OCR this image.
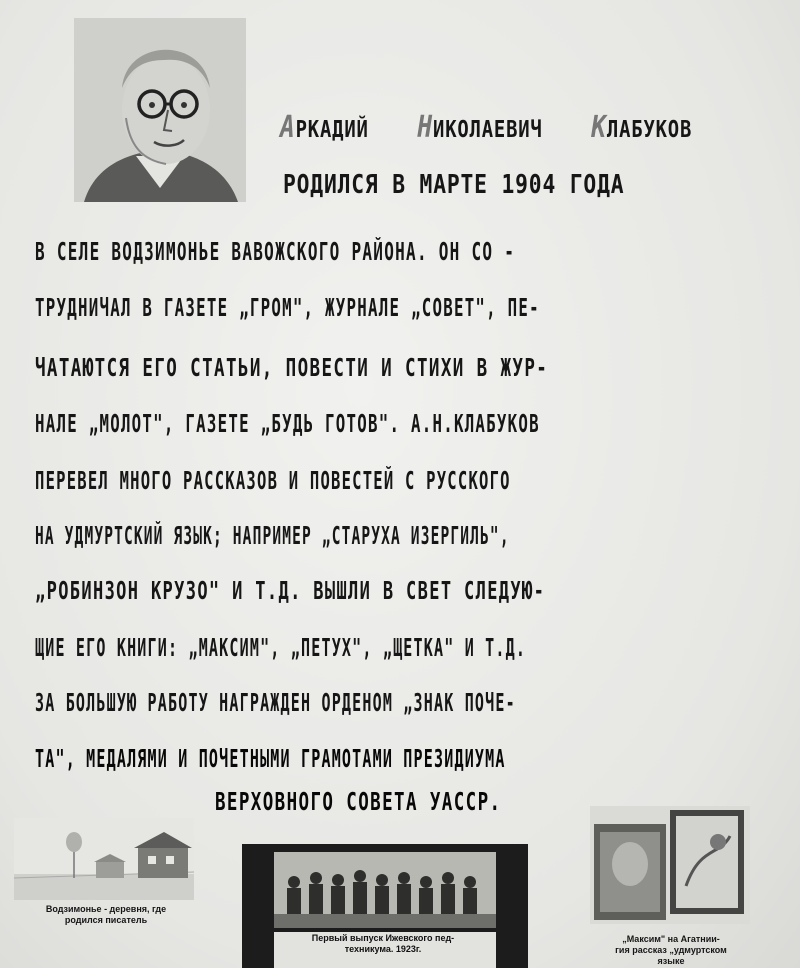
АРКАДИЙ НИКОЛАЕВИЧ КЛАБУКОВ
РОДИЛСЯ В МАРТЕ 1904 ГОДА
В СЕЛЕ ВОДЗИМОНЬЕ ВАВОЖСКОГО РАЙОНА. ОН СО -
ТРУДНИЧАЛ В ГАЗЕТЕ „ГРОМ", ЖУРНАЛЕ „СОВЕТ", ПЕ-
ЧАТАЮТСЯ ЕГО СТАТЬИ, ПОВЕСТИ И СТИХИ В ЖУР-
НАЛЕ „МОЛОТ", ГАЗЕТЕ „БУДЬ ГОТОВ". А.Н.КЛАБУКОВ
ПЕРЕВЕЛ МНОГО РАССКАЗОВ И ПОВЕСТЕЙ С РУССКОГО
НА УДМУРТСКИЙ ЯЗЫК; НАПРИМЕР „СТАРУХА ИЗЕРГИЛЬ",
„РОБИНЗОН КРУЗО" И Т.Д. ВЫШЛИ В СВЕТ СЛЕДУЮ-
ЩИЕ ЕГО КНИГИ: „МАКСИМ", „ПЕТУХ", „ЩЕТКА" И Т.Д.
ЗА БОЛЬШУЮ РАБОТУ НАГРАЖДЕН ОРДЕНОМ „ЗНАК ПОЧЕ-
ТА", МЕДАЛЯМИ И ПОЧЕТНЫМИ ГРАМОТАМИ ПРЕЗИДИУМА
ВЕРХОВНОГО СОВЕТА УАССР.
Водзимонье - деревня, где
родился писатель
Первый выпуск Ижевского пед-
техникума. 1923г.
„Максим" на Агатнии-
гия рассказ „удмуртском
языке
